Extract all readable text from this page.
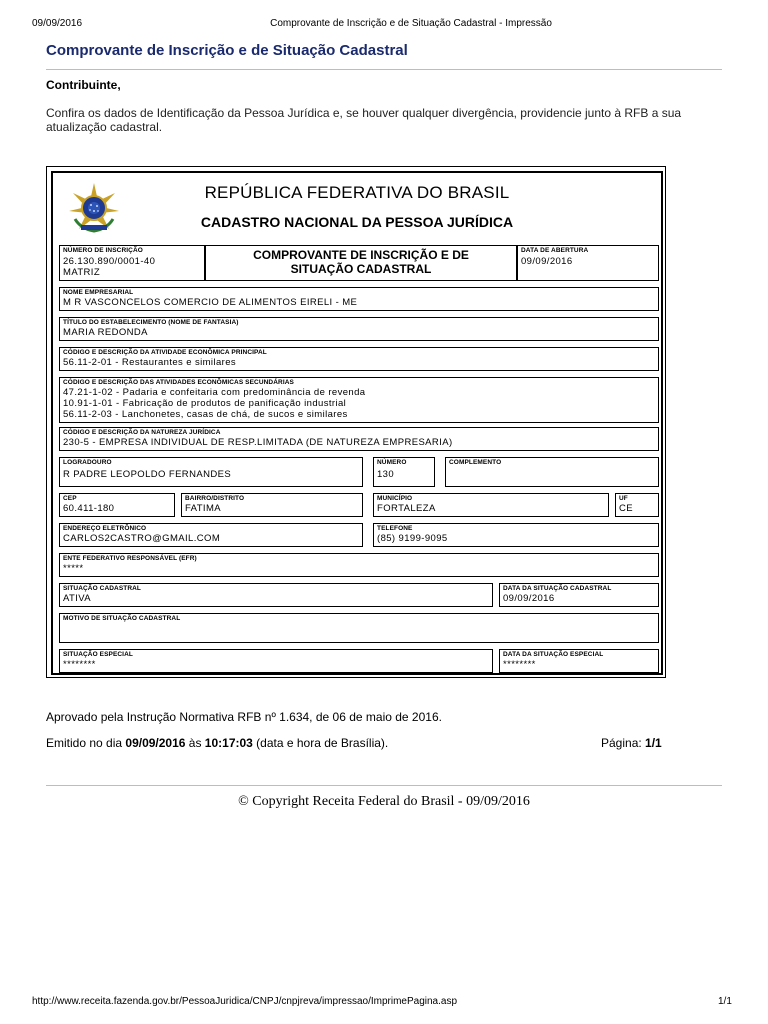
09/09/2016	Comprovante de Inscrição e de Situação Cadastral - Impressão
Comprovante de Inscrição e de Situação Cadastral
Contribuinte,
Confira os dados de Identificação da Pessoa Jurídica e, se houver qualquer divergência, providencie junto à RFB a sua atualização cadastral.
REPÚBLICA FEDERATIVA DO BRASIL
CADASTRO NACIONAL DA PESSOA JURÍDICA
NÚMERO DE INSCRIÇÃO
26.130.890/0001-40
MATRIZ
COMPROVANTE DE INSCRIÇÃO E DE
SITUAÇÃO CADASTRAL
DATA DE ABERTURA
09/09/2016
NOME EMPRESARIAL
M R VASCONCELOS COMERCIO DE ALIMENTOS EIRELI - ME
TÍTULO DO ESTABELECIMENTO (NOME DE FANTASIA)
MARIA REDONDA
CÓDIGO E DESCRIÇÃO DA ATIVIDADE ECONÔMICA PRINCIPAL
56.11-2-01 - Restaurantes e similares
CÓDIGO E DESCRIÇÃO DAS ATIVIDADES ECONÔMICAS SECUNDÁRIAS
47.21-1-02 - Padaria e confeitaria com predominância de revenda
10.91-1-01 - Fabricação de produtos de panificação industrial
56.11-2-03 - Lanchonetes, casas de chá, de sucos e similares
CÓDIGO E DESCRIÇÃO DA NATUREZA JURÍDICA
230-5 - EMPRESA INDIVIDUAL DE RESP.LIMITADA (DE NATUREZA EMPRESARIA)
LOGRADOURO
R PADRE LEOPOLDO FERNANDES
NÚMERO
130
COMPLEMENTO
CEP
60.411-180
BAIRRO/DISTRITO
FATIMA
MUNICÍPIO
FORTALEZA
UF
CE
ENDEREÇO ELETRÔNICO
CARLOS2CASTRO@GMAIL.COM
TELEFONE
(85) 9199-9095
ENTE FEDERATIVO RESPONSÁVEL (EFR)
*****
SITUAÇÃO CADASTRAL
ATIVA
DATA DA SITUAÇÃO CADASTRAL
09/09/2016
MOTIVO DE SITUAÇÃO CADASTRAL
SITUAÇÃO ESPECIAL
********
DATA DA SITUAÇÃO ESPECIAL
********
Aprovado pela Instrução Normativa RFB nº 1.634, de 06 de maio de 2016.
Emitido no dia 09/09/2016 às 10:17:03 (data e hora de Brasília).	Página: 1/1
© Copyright Receita Federal do Brasil - 09/09/2016
http://www.receita.fazenda.gov.br/PessoaJuridica/CNPJ/cnpjreva/impressao/ImprimePagina.asp	1/1
